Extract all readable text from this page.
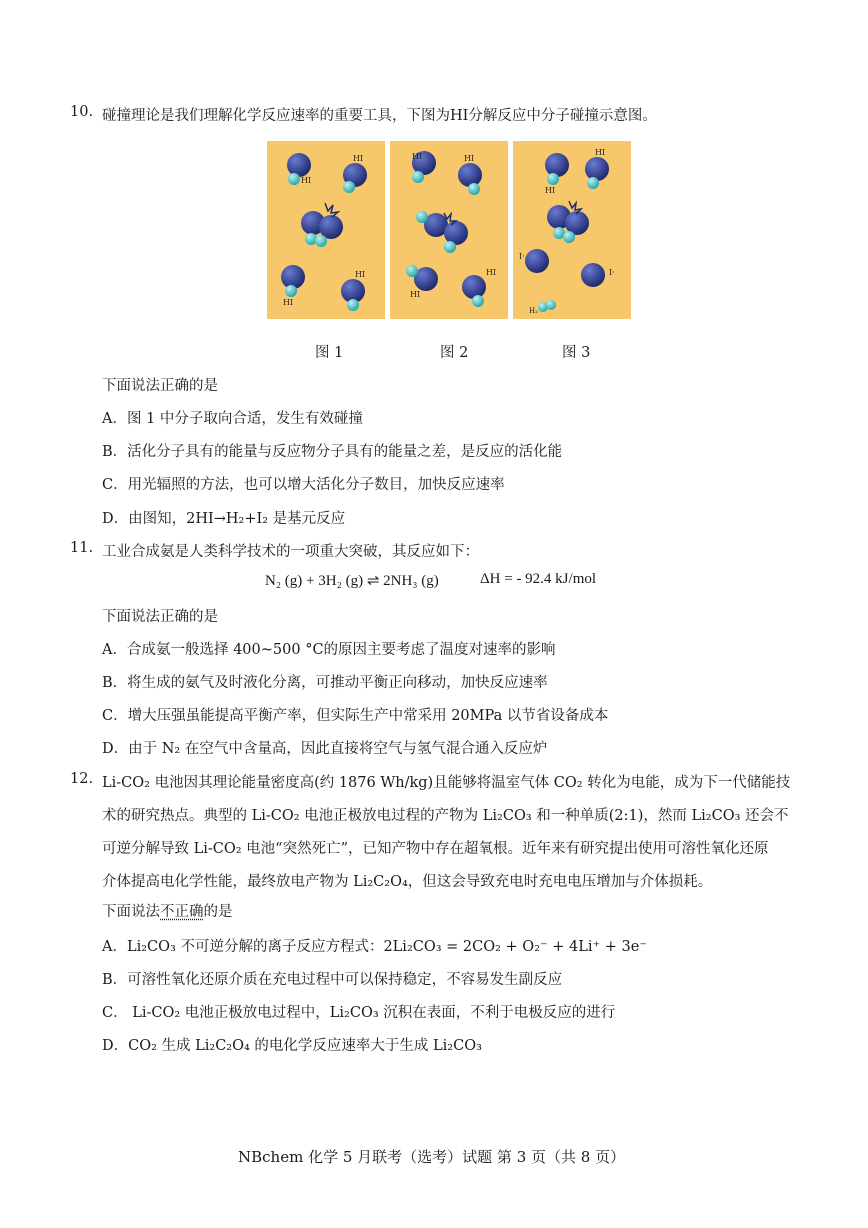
10. 碰撞理论是我们理解化学反应速率的重要工具，下图为HI分解反应中分子碰撞示意图。
HI
HI
HI
HI
HI	HI
HI
HI
HI
HI
I·
I·
H₂
图 1	图 2	图 3
下面说法正确的是
A．图 1 中分子取向合适，发生有效碰撞
B．活化分子具有的能量与反应物分子具有的能量之差，是反应的活化能
C．用光辐照的方法，也可以增大活化分子数目，加快反应速率
D．由图知，2HI→H₂+I₂ 是基元反应
11. 工业合成氨是人类科学技术的一项重大突破，其反应如下：
N₂ (g) + 3H₂ (g) ⇌ 2NH₃ (g)	ΔH = - 92.4 kJ/mol
下面说法正确的是
A．合成氨一般选择 400~500 °C的原因主要考虑了温度对速率的影响
B．将生成的氨气及时液化分离，可推动平衡正向移动，加快反应速率
C．增大压强虽能提高平衡产率，但实际生产中常采用 20MPa 以节省设备成本
D．由于 N₂ 在空气中含量高，因此直接将空气与氢气混合通入反应炉
12. Li-CO₂ 电池因其理论能量密度高(约 1876 Wh/kg)且能够将温室气体 CO₂ 转化为电能，成为下一代储能技
术的研究热点。典型的 Li-CO₂ 电池正极放电过程的产物为 Li₂CO₃ 和一种单质(2:1)，然而 Li₂CO₃ 还会不
可逆分解导致 Li-CO₂ 电池“突然死亡”，已知产物中存在超氧根。近年来有研究提出使用可溶性氧化还原
介体提高电化学性能，最终放电产物为 Li₂C₂O₄，但这会导致充电时充电电压增加与介体损耗。
下面说法不正确的是
A．Li₂CO₃ 不可逆分解的离子反应方程式：2Li₂CO₃ = 2CO₂ + O₂⁻ + 4Li⁺ + 3e⁻
B．可溶性氧化还原介质在充电过程中可以保持稳定，不容易发生副反应
C． Li-CO₂ 电池正极放电过程中，Li₂CO₃ 沉积在表面，不利于电极反应的进行
D．CO₂ 生成 Li₂C₂O₄ 的电化学反应速率大于生成 Li₂CO₃
NBchem 化学 5 月联考（选考）试题 第 3 页（共 8 页）
